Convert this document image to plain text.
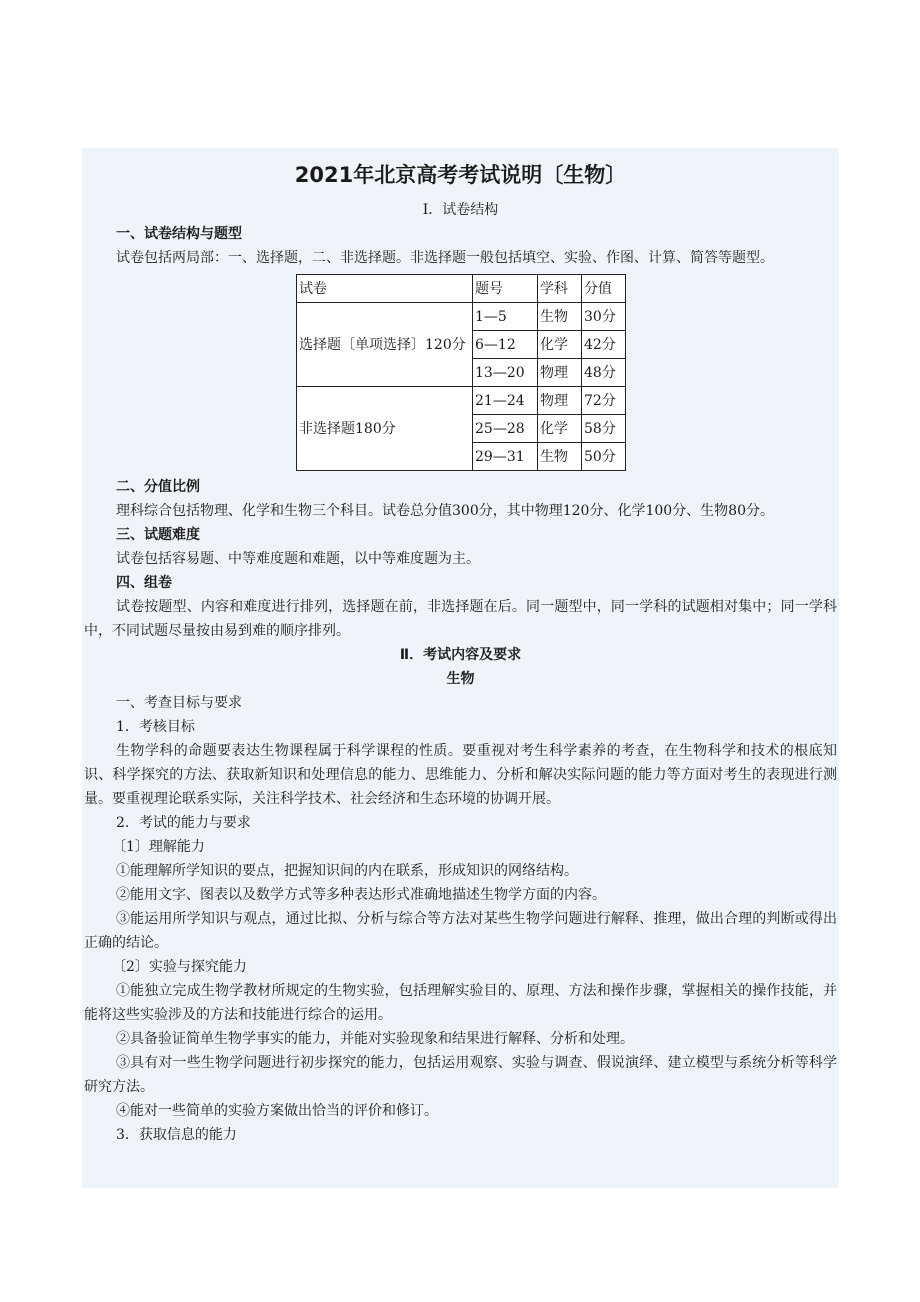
2021年北京高考考试说明〔生物〕
Ⅰ．试卷结构
一、试卷结构与题型

试卷包括两局部：一、选择题，二、非选择题。非选择题一般包括填空、实验、作图、计算、简答等题型。

试卷	题号	学科	分值
选择题〔单项选择〕120分	1—5	生物	30分
	6—12	化学	42分
	13—20	物理	48分
非选择题180分	21—24	物理	72分
	25—28	化学	58分
	29—31	生物	50分
二、分值比例

理科综合包括物理、化学和生物三个科目。试卷总分值300分，其中物理120分、化学100分、生物80分。

三、试题难度

试卷包括容易题、中等难度题和难题，以中等难度题为主。

四、组卷

试卷按题型、内容和难度进行排列，选择题在前，非选择题在后。同一题型中，同一学科的试题相对集中；同一学科中，不同试题尽量按由易到难的顺序排列。

Ⅱ．考试内容及要求
生物

一、考查目标与要求

1．考核目标

生物学科的命题要表达生物课程属于科学课程的性质。要重视对考生科学素养的考查，在生物科学和技术的根底知识、科学探究的方法、获取新知识和处理信息的能力、思维能力、分析和解决实际问题的能力等方面对考生的表现进行测量。要重视理论联系实际，关注科学技术、社会经济和生态环境的协调开展。

2．考试的能力与要求

〔1〕理解能力

①能理解所学知识的要点，把握知识间的内在联系，形成知识的网络结构。

②能用文字、图表以及数学方式等多种表达形式准确地描述生物学方面的内容。

③能运用所学知识与观点，通过比拟、分析与综合等方法对某些生物学问题进行解释、推理，做出合理的判断或得出正确的结论。

〔2〕实验与探究能力

①能独立完成生物学教材所规定的生物实验，包括理解实验目的、原理、方法和操作步骤，掌握相关的操作技能，并能将这些实验涉及的方法和技能进行综合的运用。

②具备验证简单生物学事实的能力，并能对实验现象和结果进行解释、分析和处理。

③具有对一些生物学问题进行初步探究的能力，包括运用观察、实验与调查、假说演绎、建立模型与系统分析等科学研究方法。

④能对一些简单的实验方案做出恰当的评价和修订。

3．获取信息的能力
